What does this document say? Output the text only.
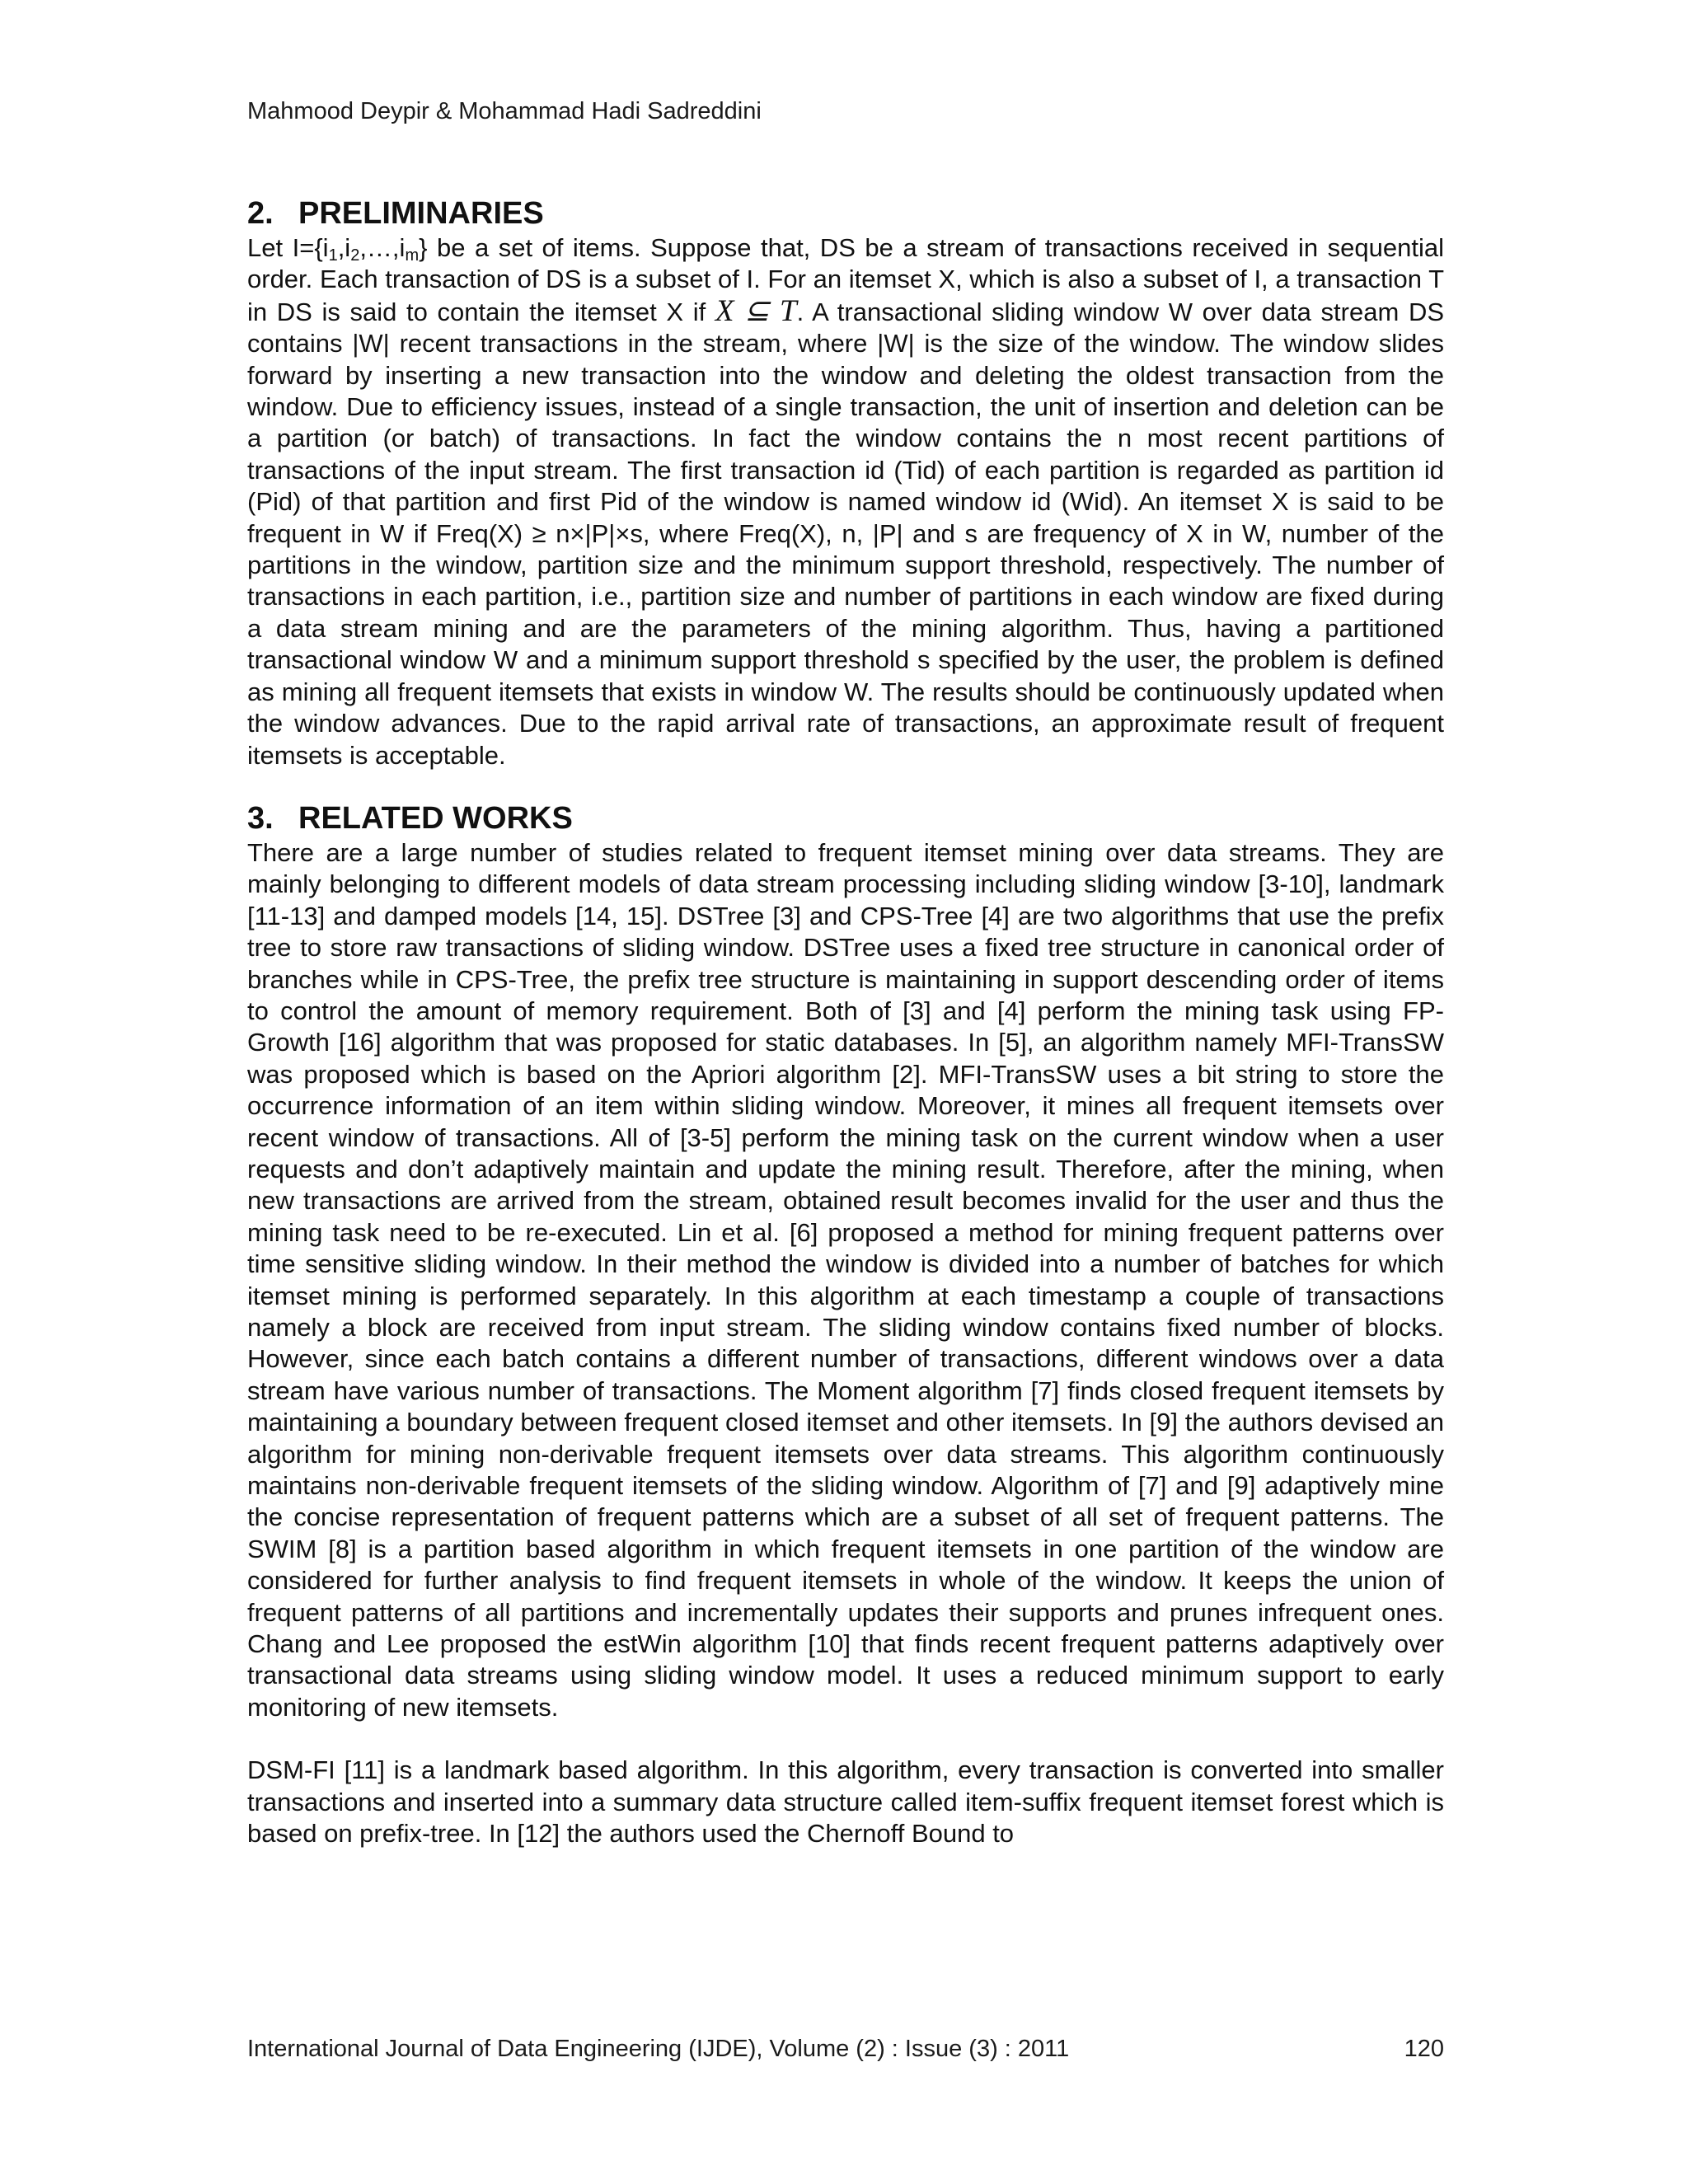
Mahmood Deypir & Mohammad Hadi Sadreddini
2. PRELIMINARIES

Let $I=\{i_1,i_2,\dots,i_m\}$ be a set of items. Suppose that, DS be a stream of transactions received in sequential order. Each transaction of DS is a subset of I. For an itemset X, which is also a subset of I, a transaction T in DS is said to contain the itemset X if X ⊆ T. A transactional sliding window W over data stream DS contains |W| recent transactions in the stream, where |W| is the size of the window. The window slides forward by inserting a new transaction into the window and deleting the oldest transaction from the window. Due to efficiency issues, instead of a single transaction, the unit of insertion and deletion can be a partition (or batch) of transactions. In fact the window contains the n most recent partitions of transactions of the input stream. The first transaction id (Tid) of each partition is regarded as partition id (Pid) of that partition and first Pid of the window is named window id (Wid). An itemset X is said to be frequent in W if Freq(X) ≥ n×|P|×s, where Freq(X), n, |P| and s are frequency of X in W, number of the partitions in the window, partition size and the minimum support threshold, respectively. The number of transactions in each partition, i.e., partition size and number of partitions in each window are fixed during a data stream mining and are the parameters of the mining algorithm. Thus, having a partitioned transactional window W and a minimum support threshold s specified by the user, the problem is defined as mining all frequent itemsets that exists in window W. The results should be continuously updated when the window advances. Due to the rapid arrival rate of transactions, an approximate result of frequent itemsets is acceptable.

3. RELATED WORKS

There are a large number of studies related to frequent itemset mining over data streams. They are mainly belonging to different models of data stream processing including sliding window [3-10], landmark [11-13] and damped models [14, 15]. DSTree [3] and CPS-Tree [4] are two algorithms that use the prefix tree to store raw transactions of sliding window. DSTree uses a fixed tree structure in canonical order of branches while in CPS-Tree, the prefix tree structure is maintaining in support descending order of items to control the amount of memory requirement. Both of [3] and [4] perform the mining task using FP-Growth [16] algorithm that was proposed for static databases. In [5], an algorithm namely MFI-TransSW was proposed which is based on the Apriori algorithm [2]. MFI-TransSW uses a bit string to store the occurrence information of an item within sliding window. Moreover, it mines all frequent itemsets over recent window of transactions. All of [3-5] perform the mining task on the current window when a user requests and don’t adaptively maintain and update the mining result. Therefore, after the mining, when new transactions are arrived from the stream, obtained result becomes invalid for the user and thus the mining task need to be re-executed. Lin et al. [6] proposed a method for mining frequent patterns over time sensitive sliding window. In their method the window is divided into a number of batches for which itemset mining is performed separately. In this algorithm at each timestamp a couple of transactions namely a block are received from input stream. The sliding window contains fixed number of blocks. However, since each batch contains a different number of transactions, different windows over a data stream have various number of transactions. The Moment algorithm [7] finds closed frequent itemsets by maintaining a boundary between frequent closed itemset and other itemsets. In [9] the authors devised an algorithm for mining non-derivable frequent itemsets over data streams. This algorithm continuously maintains non-derivable frequent itemsets of the sliding window. Algorithm of [7] and [9] adaptively mine the concise representation of frequent patterns which are a subset of all set of frequent patterns. The SWIM [8] is a partition based algorithm in which frequent itemsets in one partition of the window are considered for further analysis to find frequent itemsets in whole of the window. It keeps the union of frequent patterns of all partitions and incrementally updates their supports and prunes infrequent ones. Chang and Lee proposed the estWin algorithm [10] that finds recent frequent patterns adaptively over transactional data streams using sliding window model. It uses a reduced minimum support to early monitoring of new itemsets.

DSM-FI [11] is a landmark based algorithm. In this algorithm, every transaction is converted into smaller transactions and inserted into a summary data structure called item-suffix frequent itemset forest which is based on prefix-tree. In [12] the authors used the Chernoff Bound to

International Journal of Data Engineering (IJDE), Volume (2) : Issue (3) : 2011	120
